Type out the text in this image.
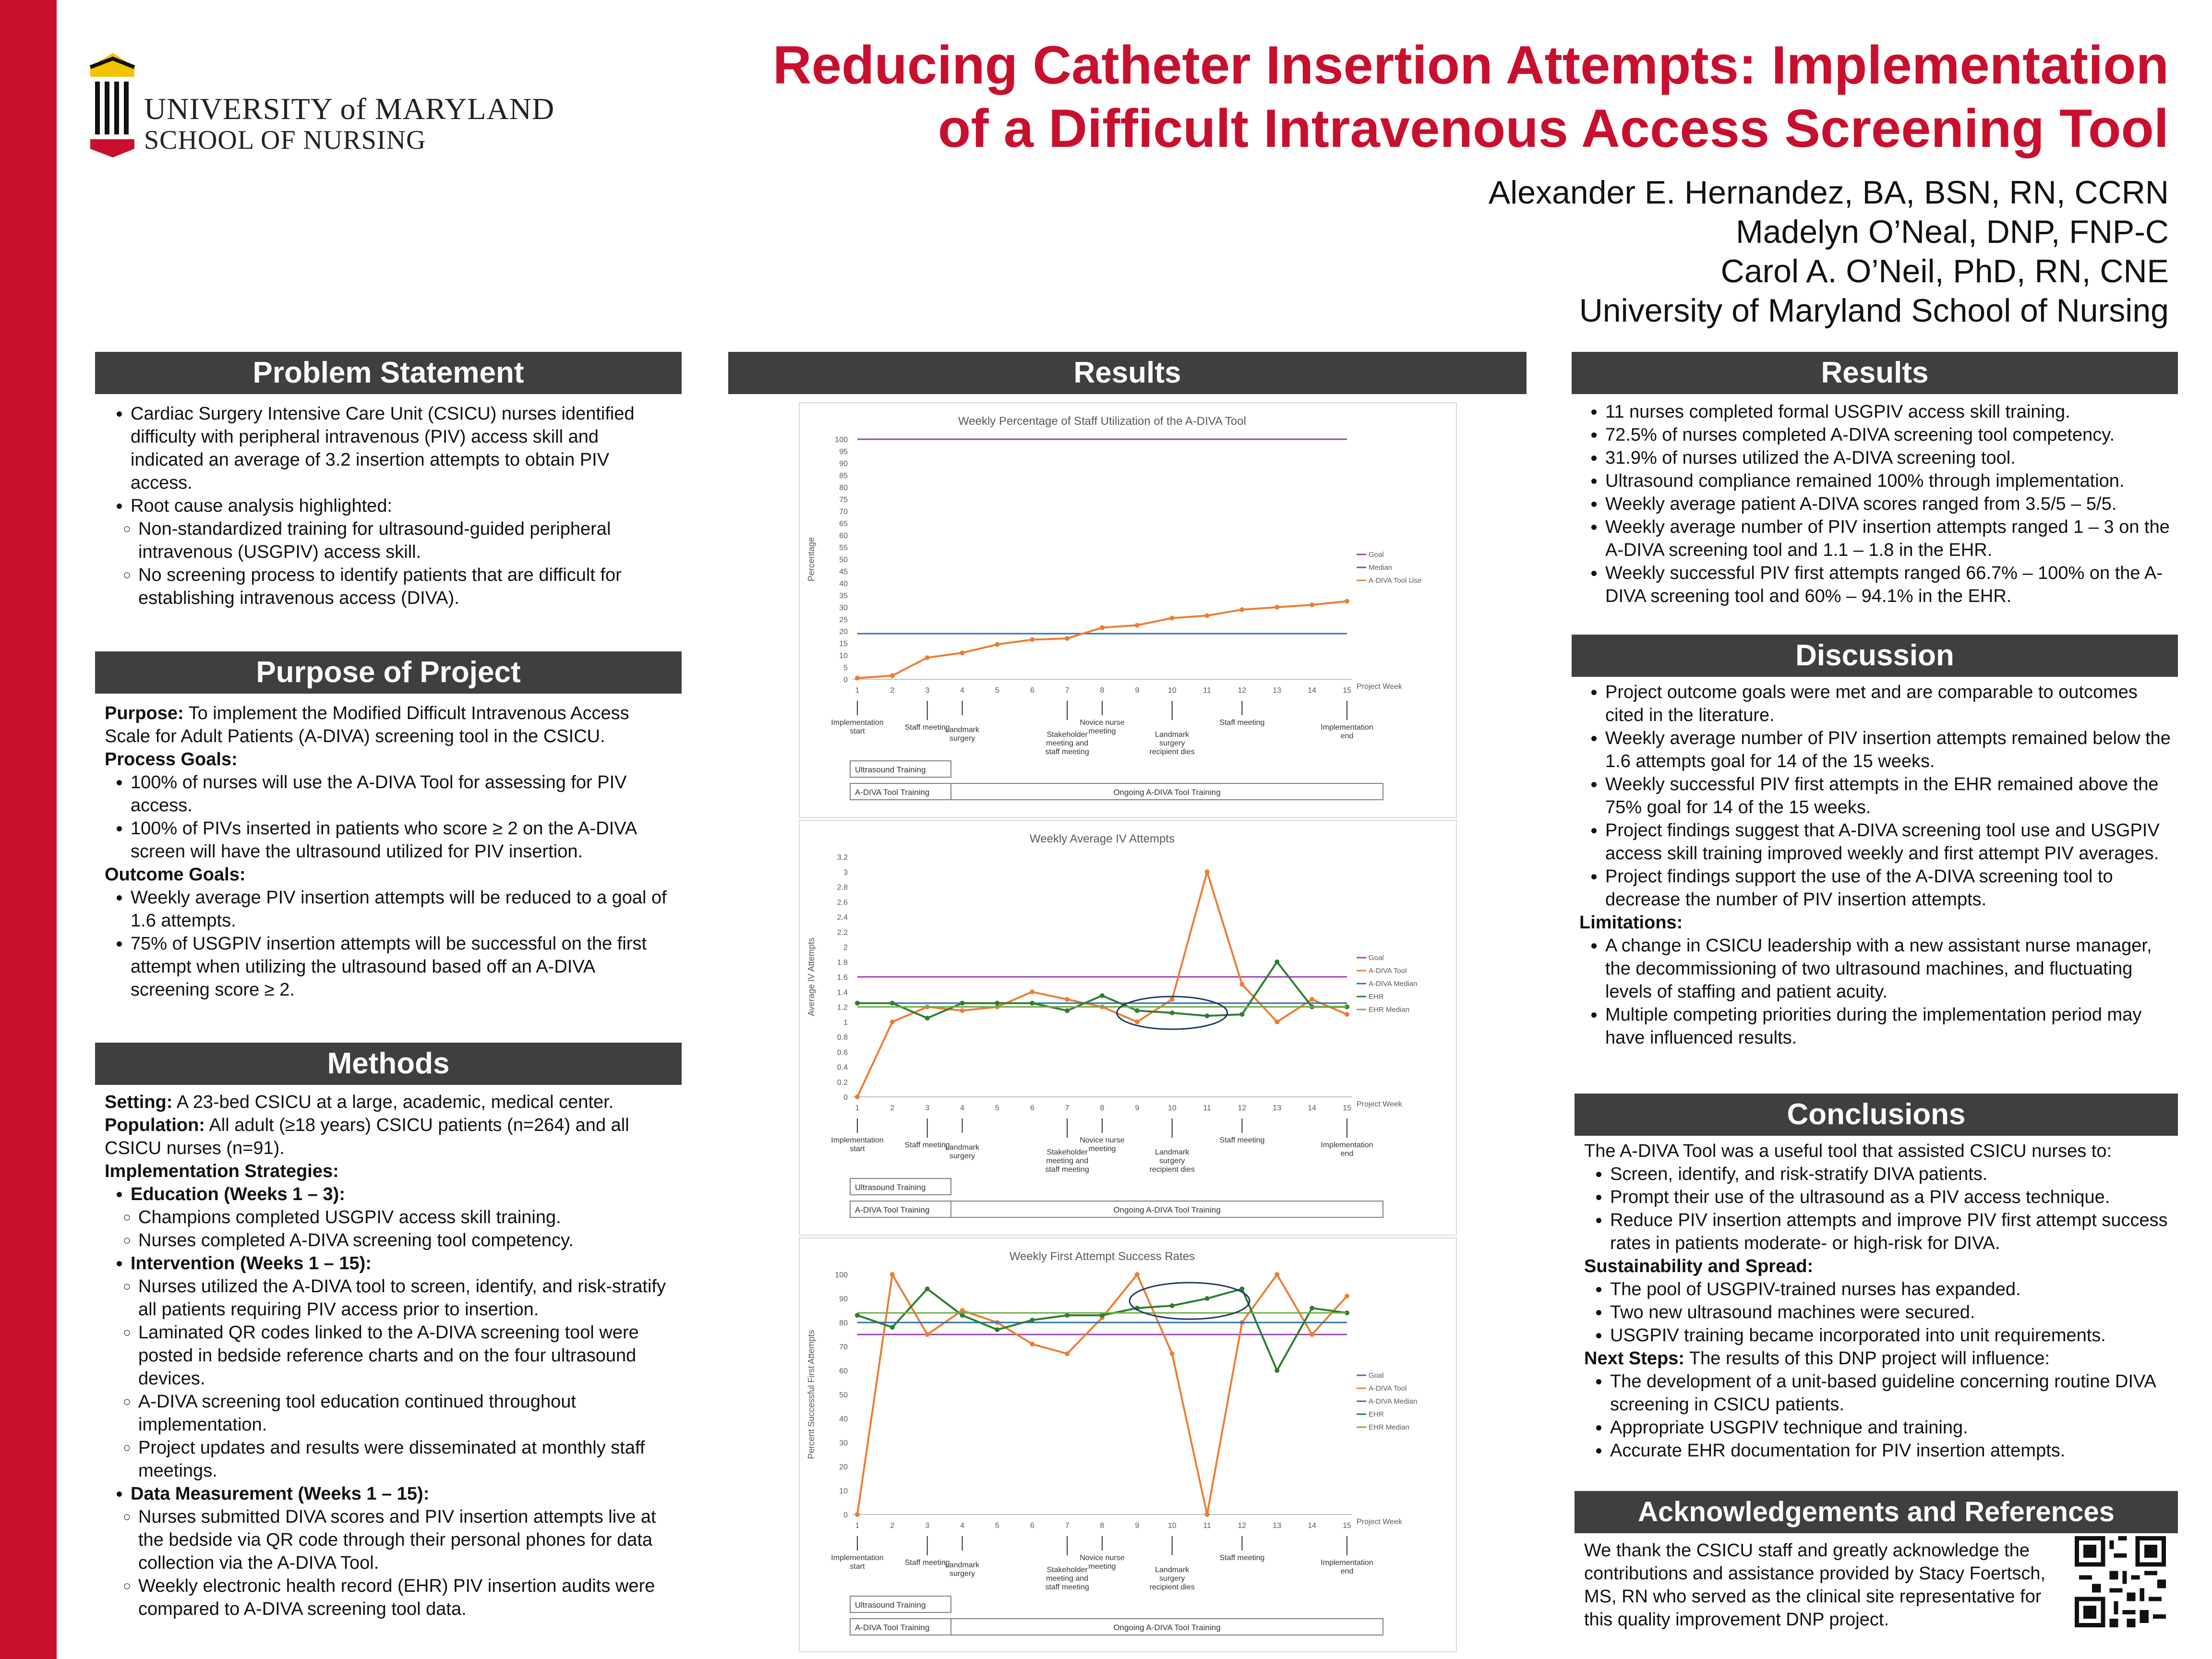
UNIVERSITY of MARYLAND
SCHOOL OF NURSING
Reducing Catheter Insertion Attempts: Implementation
of a Difficult Intravenous Access Screening Tool
Alexander E. Hernandez, BA, BSN, RN, CCRN
Madelyn O’Neal, DNP, FNP-C
Carol A. O’Neil, PhD, RN, CNE
University of Maryland School of Nursing
Problem Statement
• Cardiac Surgery Intensive Care Unit (CSICU) nurses identified difficulty with peripheral intravenous (PIV) access skill and indicated an average of 3.2 insertion attempts to obtain PIV access.
• Root cause analysis highlighted:
◦ Non-standardized training for ultrasound-guided peripheral intravenous (USGPIV) access skill.
◦ No screening process to identify patients that are difficult for establishing intravenous access (DIVA).
Purpose of Project

Purpose: To implement the Modified Difficult Intravenous Access Scale for Adult Patients (A-DIVA) screening tool in the CSICU.

Process Goals:

• 100% of nurses will use the A-DIVA Tool for assessing for PIV access.
• 100% of PIVs inserted in patients who score ≥ 2 on the A-DIVA screen will have the ultrasound utilized for PIV insertion.

Outcome Goals:

• Weekly average PIV insertion attempts will be reduced to a goal of 1.6 attempts.
• 75% of USGPIV insertion attempts will be successful on the first attempt when utilizing the ultrasound based off an A-DIVA screening score ≥ 2.
Methods

Setting: A 23-bed CSICU at a large, academic, medical center.

Population: All adult (≥18 years) CSICU patients (n=264) and all CSICU nurses (n=91).

Implementation Strategies:

• Education (Weeks 1 – 3):
◦ Champions completed USGPIV access skill training.
◦ Nurses completed A-DIVA screening tool competency.
• Intervention (Weeks 1 – 15):
◦ Nurses utilized the A-DIVA tool to screen, identify, and risk-stratify all patients requiring PIV access prior to insertion.
◦ Laminated QR codes linked to the A-DIVA screening tool were posted in bedside reference charts and on the four ultrasound devices.
◦ A-DIVA screening tool education continued throughout implementation.
◦ Project updates and results were disseminated at monthly staff meetings.
• Data Measurement (Weeks 1 – 15):
◦ Nurses submitted DIVA scores and PIV insertion attempts live at the bedside via QR code through their personal phones for data collection via the A-DIVA Tool.
◦ Weekly electronic health record (EHR) PIV insertion audits were compared to A-DIVA screening tool data.
Results
Weekly Percentage of Staff Utilization of the A-DIVA Tool
Percentage
Project Week
0
5
10
15
20
25
30
35
40
45
50
55
60
65
70
75
80
85
90
95
100
1	2	3	4	5	6	7	8	9	10	11	12	13	14	15
Goal
Median
A-DIVA Tool Use
Implementation
start	Staff meeting
Landmark
surgery	Stakeholder
meeting and
staff meeting
Novice nurse
meeting	Landmark
surgery
recipient dies
Staff meeting
Implementation
end
Ultrasound Training
A-DIVA Tool Training	Ongoing A-DIVA Tool Training
Weekly Average IV Attempts
Average IV Attempts
Project Week
0
0.2
0.4
0.6
0.8
1
1.2
1.4
1.6
1.8
2
2.2
2.4
2.6
2.8
3
3.2
1	2	3	4	5	6	7	8	9	10	11	12	13	14	15
Goal
A-DIVA Tool
A-DIVA Median
EHR
EHR Median
Implementation
start	Staff meeting
Landmark
surgery	Stakeholder
meeting and
staff meeting
Novice nurse
meeting	Landmark
surgery
recipient dies
Staff meeting
Implementation
end
Ultrasound Training
A-DIVA Tool Training	Ongoing A-DIVA Tool Training
Weekly First Attempt Success Rates
Percent Successful First Attempts
Project Week
0
10
20
30
40
50
60
70
80
90
100
1	2	3	4	5	6	7	8	9	10	11	12	13	14	15
Goal
A-DIVA Tool
A-DIVA Median
EHR
EHR Median
Implementation
start	Staff meeting
Landmark
surgery	Stakeholder
meeting and
staff meeting
Novice nurse
meeting	Landmark
surgery
recipient dies
Staff meeting
Implementation
end
Ultrasound Training
A-DIVA Tool Training	Ongoing A-DIVA Tool Training
Results
• 11 nurses completed formal USGPIV access skill training.
• 72.5% of nurses completed A-DIVA screening tool competency.
• 31.9% of nurses utilized the A-DIVA screening tool.
• Ultrasound compliance remained 100% through implementation.
• Weekly average patient A-DIVA scores ranged from 3.5/5 – 5/5.
• Weekly average number of PIV insertion attempts ranged 1 – 3 on the A-DIVA screening tool and 1.1 – 1.8 in the EHR.
• Weekly successful PIV first attempts ranged 66.7% – 100% on the A-DIVA screening tool and 60% – 94.1% in the EHR.
Discussion
• Project outcome goals were met and are comparable to outcomes cited in the literature.
• Weekly average number of PIV insertion attempts remained below the 1.6 attempts goal for 14 of the 15 weeks.
• Weekly successful PIV first attempts in the EHR remained above the 75% goal for 14 of the 15 weeks.
• Project findings suggest that A-DIVA screening tool use and USGPIV access skill training improved weekly and first attempt PIV averages.
• Project findings support the use of the A-DIVA screening tool to decrease the number of PIV insertion attempts.

Limitations:

• A change in CSICU leadership with a new assistant nurse manager, the decommissioning of two ultrasound machines, and fluctuating levels of staffing and patient acuity.
• Multiple competing priorities during the implementation period may have influenced results.
Conclusions

The A-DIVA Tool was a useful tool that assisted CSICU nurses to:

• Screen, identify, and risk-stratify DIVA patients.
• Prompt their use of the ultrasound as a PIV access technique.
• Reduce PIV insertion attempts and improve PIV first attempt success rates in patients moderate- or high-risk for DIVA.

Sustainability and Spread:

• The pool of USGPIV-trained nurses has expanded.
• Two new ultrasound machines were secured.
• USGPIV training became incorporated into unit requirements.

Next Steps: The results of this DNP project will influence:

• The development of a unit-based guideline concerning routine DIVA screening in CSICU patients.
• Appropriate USGPIV technique and training.
• Accurate EHR documentation for PIV insertion attempts.
Acknowledgements and References

We thank the CSICU staff and greatly acknowledge the contributions and assistance provided by Stacy Foertsch, MS, RN who served as the clinical site representative for this quality improvement DNP project.
